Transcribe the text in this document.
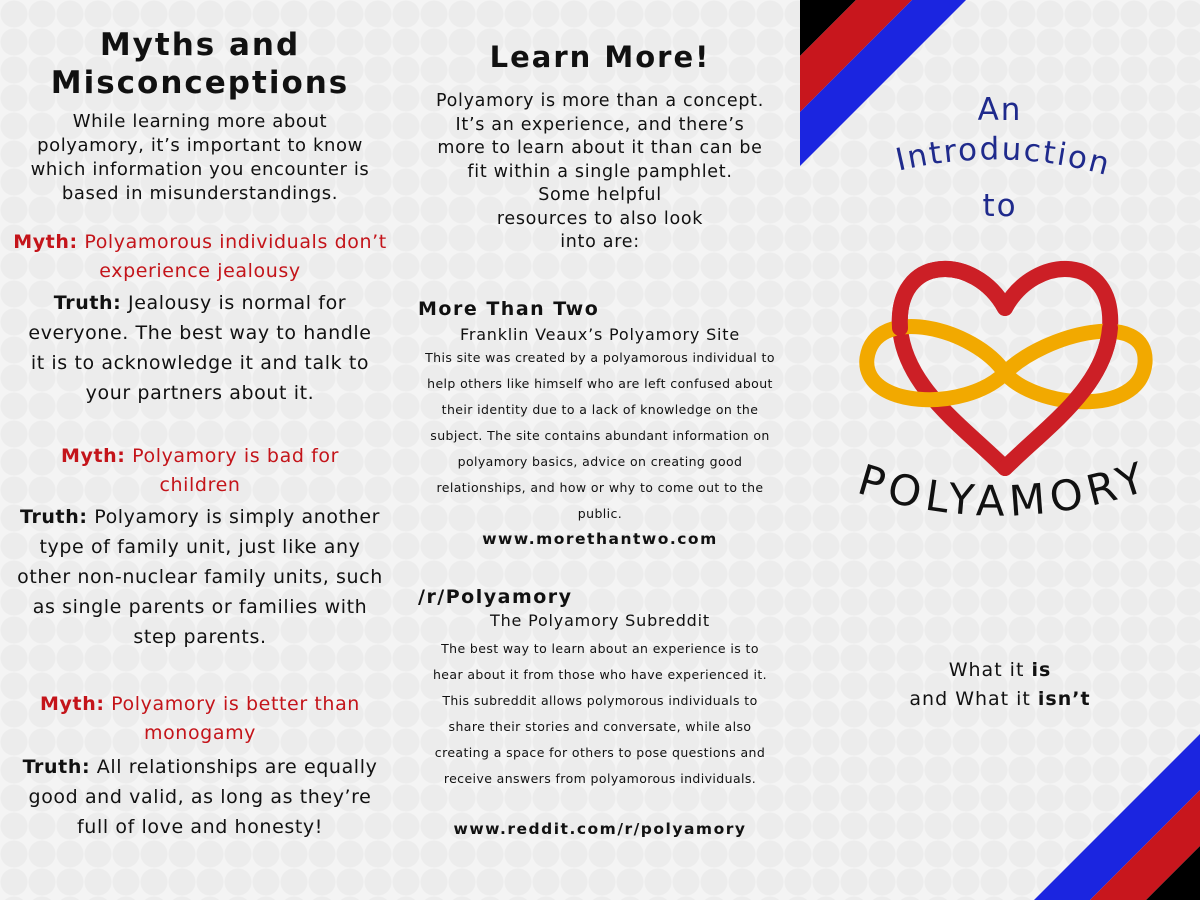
Myths and
Misconceptions
While learning more about polyamory, it’s important to know which information you encounter is based in misunderstandings.
Myth: Polyamorous individuals don’t experience jealousy
Truth: Jealousy is normal for everyone. The best way to handle it is to acknowledge it and talk to your partners about it.
Myth: Polyamory is bad for children
Truth: Polyamory is simply another type of family unit, just like any other non-nuclear family units, such as single parents or families with step parents.
Myth: Polyamory is better than monogamy
Truth: All relationships are equally good and valid, as long as they’re full of love and honesty!
Learn More!
Polyamory is more than a concept. It’s an experience, and there’s more to learn about it than can be fit within a single pamphlet.
Some helpful resources to also look into are:
More Than Two
Franklin Veaux’s Polyamory Site
This site was created by a polyamorous individual to help others like himself who are left confused about their identity due to a lack of knowledge on the subject. The site contains abundant information on polyamory basics, advice on creating good relationships, and how or why to come out to the public.
www.morethantwo.com
/r/Polyamory
The Polyamory Subreddit
The best way to learn about an experience is to hear about it from those who have experienced it. This subreddit allows polymorous individuals to share their stories and conversate, while also creating a space for others to pose questions and receive answers from polyamorous individuals.
www.reddit.com/r/polyamory
Introduction
POLYAMORY
An
to
What it is
and What it isn’t
